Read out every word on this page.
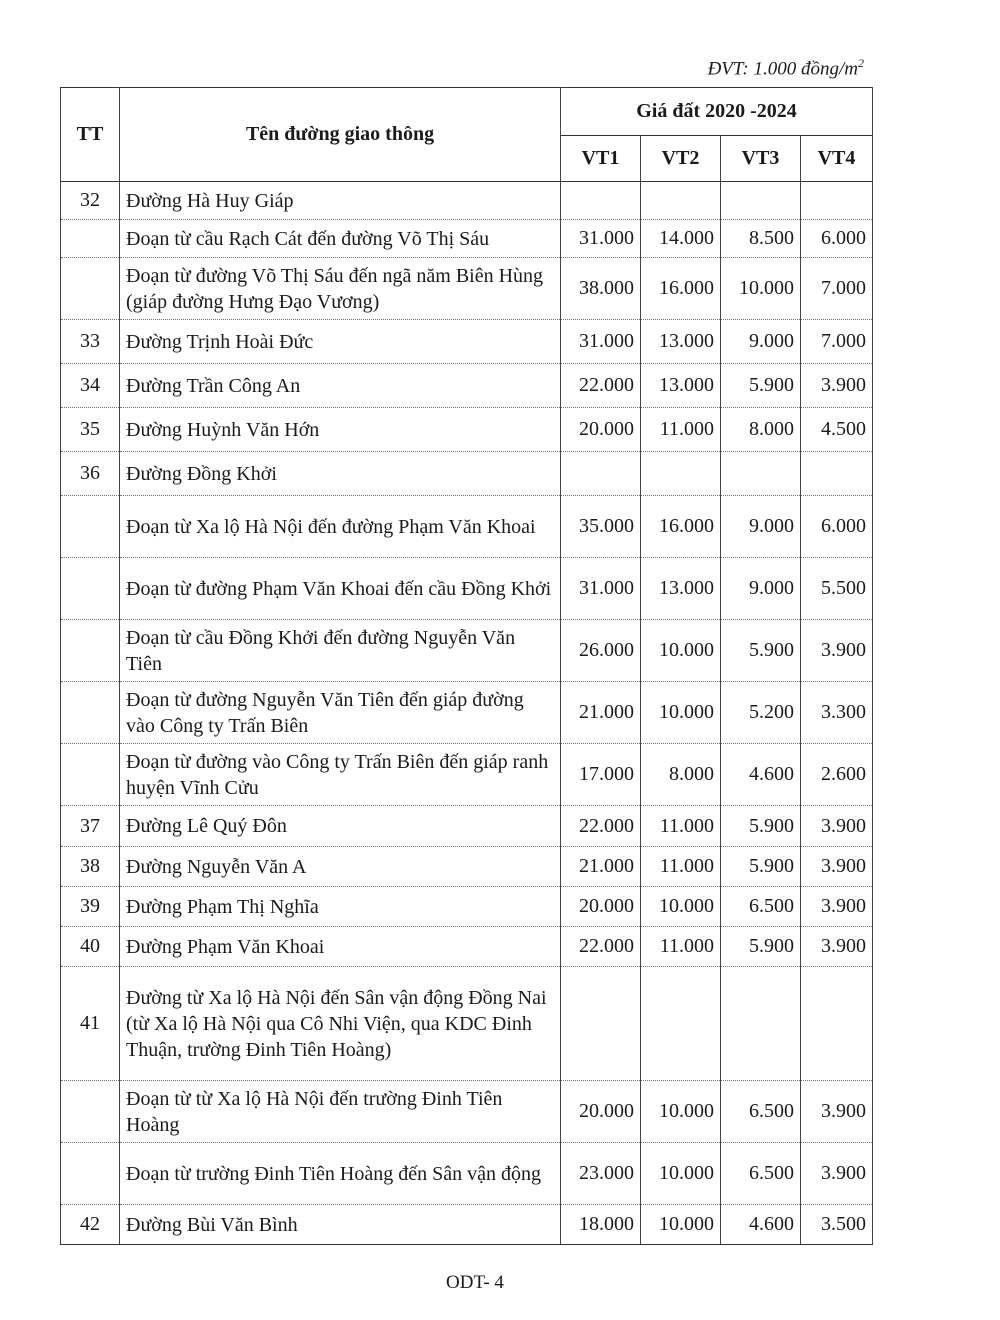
ĐVT: 1.000 đồng/$m^2$
TT	Tên đường giao thông	Giá đất 2020 -2024			
		VT1	VT2	VT3	VT4
32	Đường Hà Huy Giáp				
	Đoạn từ cầu Rạch Cát đến đường Võ Thị Sáu	31.000	14.000	8.500	6.000
	Đoạn từ đường Võ Thị Sáu đến ngã năm Biên Hùng (giáp đường Hưng Đạo Vương)	38.000	16.000	10.000	7.000
33	Đường Trịnh Hoài Đức	31.000	13.000	9.000	7.000
34	Đường Trần Công An	22.000	13.000	5.900	3.900
35	Đường Huỳnh Văn Hớn	20.000	11.000	8.000	4.500
36	Đường Đồng Khởi				
	Đoạn từ Xa lộ Hà Nội đến đường Phạm Văn Khoai	35.000	16.000	9.000	6.000
	Đoạn từ đường Phạm Văn Khoai đến cầu Đồng Khởi	31.000	13.000	9.000	5.500
	Đoạn từ cầu Đồng Khởi đến đường Nguyễn Văn Tiên	26.000	10.000	5.900	3.900
	Đoạn từ đường Nguyễn Văn Tiên đến giáp đường vào Công ty Trấn Biên	21.000	10.000	5.200	3.300
	Đoạn từ đường vào Công ty Trấn Biên đến giáp ranh huyện Vĩnh Cửu	17.000	8.000	4.600	2.600
37	Đường Lê Quý Đôn	22.000	11.000	5.900	3.900
38	Đường Nguyễn Văn A	21.000	11.000	5.900	3.900
39	Đường Phạm Thị Nghĩa	20.000	10.000	6.500	3.900
40	Đường Phạm Văn Khoai	22.000	11.000	5.900	3.900
41	Đường từ Xa lộ Hà Nội đến Sân vận động Đồng Nai (từ Xa lộ Hà Nội qua Cô Nhi Viện, qua KDC Đinh Thuận, trường Đinh Tiên Hoàng)				
	Đoạn từ từ Xa lộ Hà Nội đến trường Đinh Tiên Hoàng	20.000	10.000	6.500	3.900
	Đoạn từ trường Đinh Tiên Hoàng đến Sân vận động	23.000	10.000	6.500	3.900
42	Đường Bùi Văn Bình	18.000	10.000	4.600	3.500
ODT- 4
